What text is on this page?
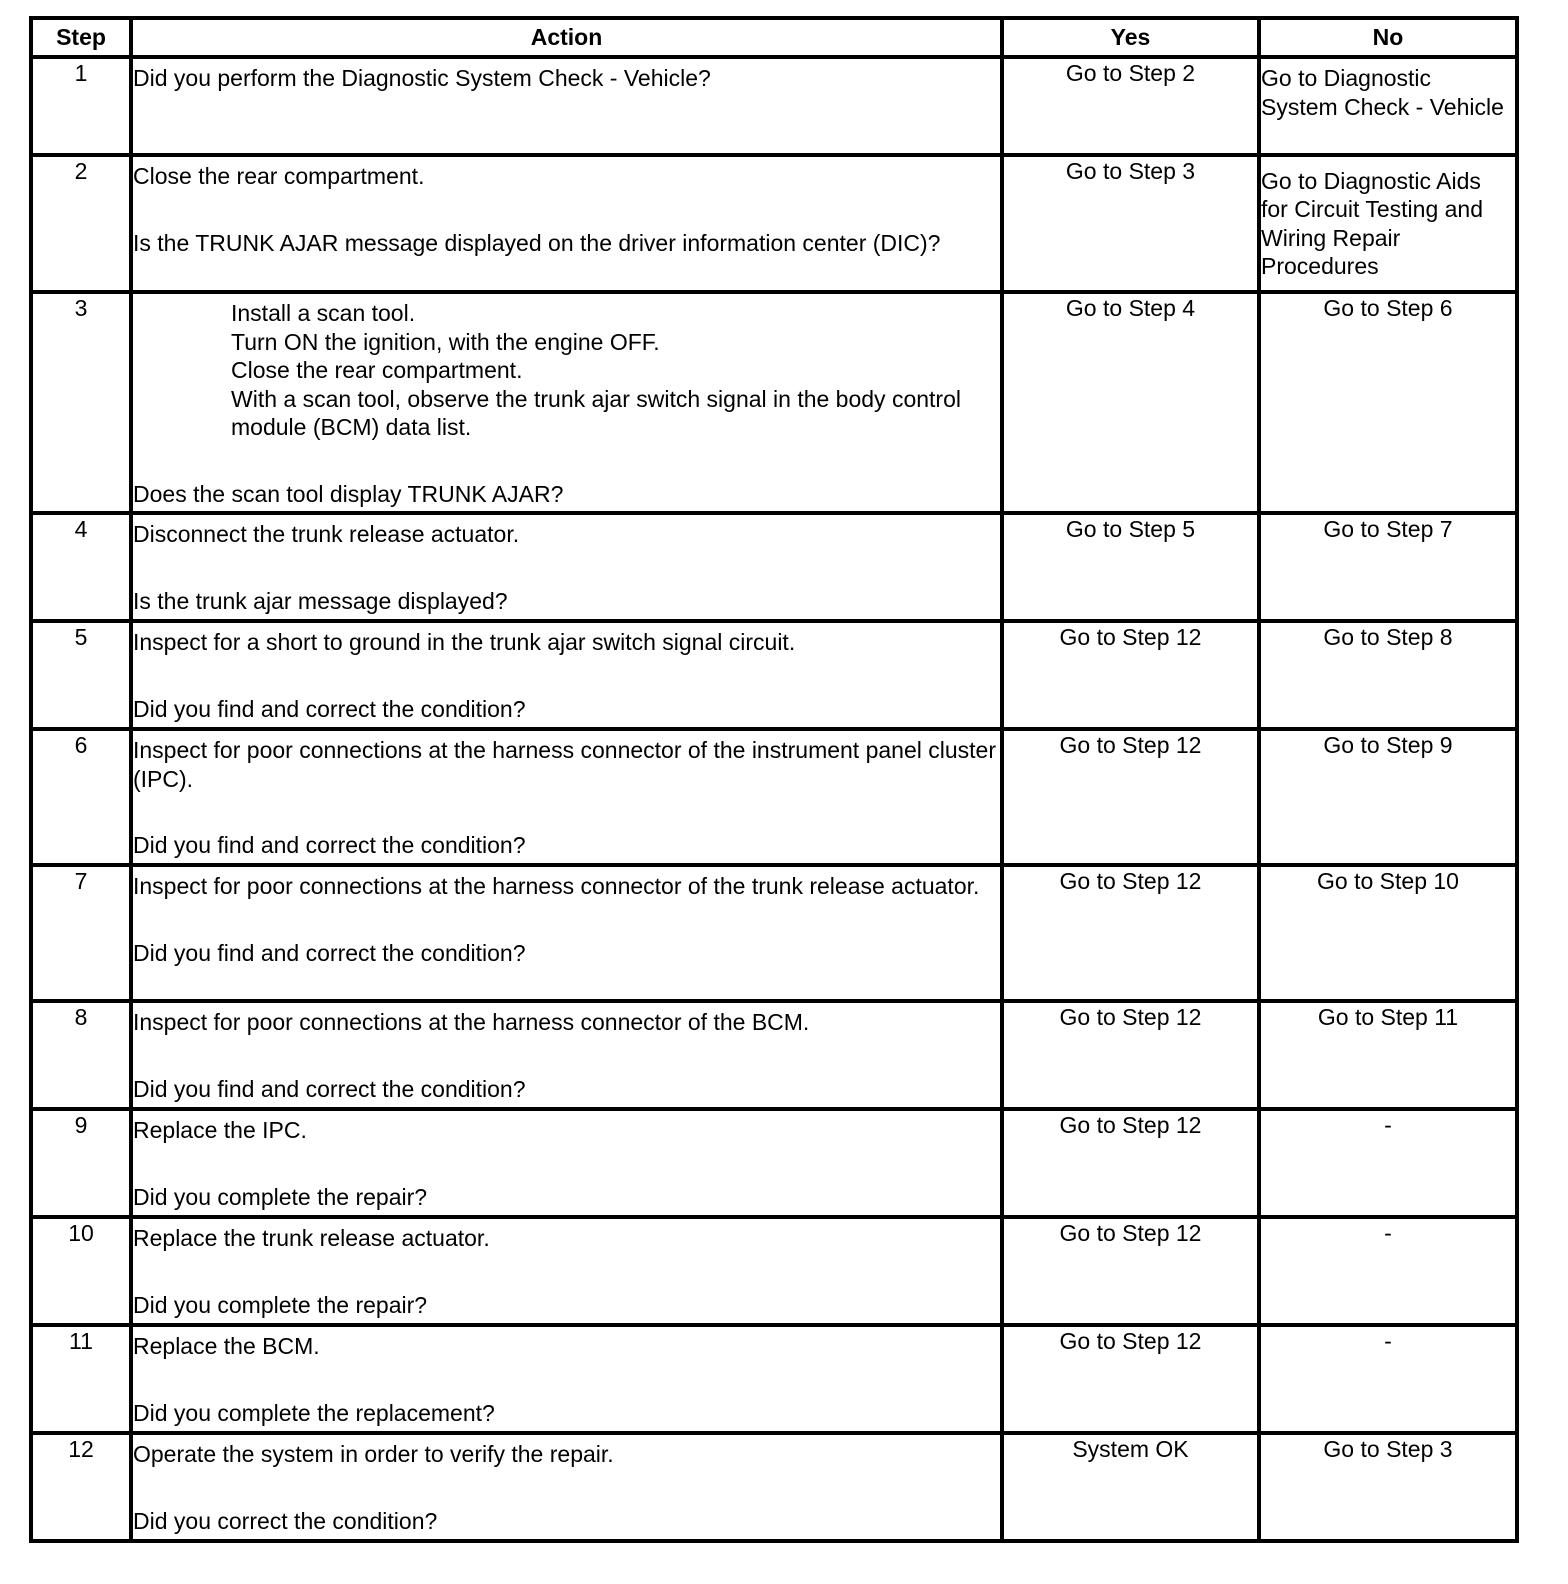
Step	Action	Yes	No
1	Did you perform the Diagnostic System Check - Vehicle?	Go to Step 2	Go to Diagnostic System Check - Vehicle
2	Close the rear compartment.
Is the TRUNK AJAR message displayed on the driver information center (DIC)?	Go to Step 3	Go to Diagnostic Aids for Circuit Testing and Wiring Repair Procedures
3	Install a scan tool.
Turn ON the ignition, with the engine OFF.
Close the rear compartment.
With a scan tool, observe the trunk ajar switch signal in the body control module (BCM) data list.
Does the scan tool display TRUNK AJAR?	Go to Step 4	Go to Step 6
4	Disconnect the trunk release actuator.
Is the trunk ajar message displayed?	Go to Step 5	Go to Step 7
5	Inspect for a short to ground in the trunk ajar switch signal circuit.
Did you find and correct the condition?	Go to Step 12	Go to Step 8
6	Inspect for poor connections at the harness connector of the instrument panel cluster (IPC).
Did you find and correct the condition?	Go to Step 12	Go to Step 9
7	Inspect for poor connections at the harness connector of the trunk release actuator.
Did you find and correct the condition?	Go to Step 12	Go to Step 10
8	Inspect for poor connections at the harness connector of the BCM.
Did you find and correct the condition?	Go to Step 12	Go to Step 11
9	Replace the IPC.
Did you complete the repair?	Go to Step 12	-
10	Replace the trunk release actuator.
Did you complete the repair?	Go to Step 12	-
11	Replace the BCM.
Did you complete the replacement?	Go to Step 12	-
12	Operate the system in order to verify the repair.
Did you correct the condition?	System OK	Go to Step 3
